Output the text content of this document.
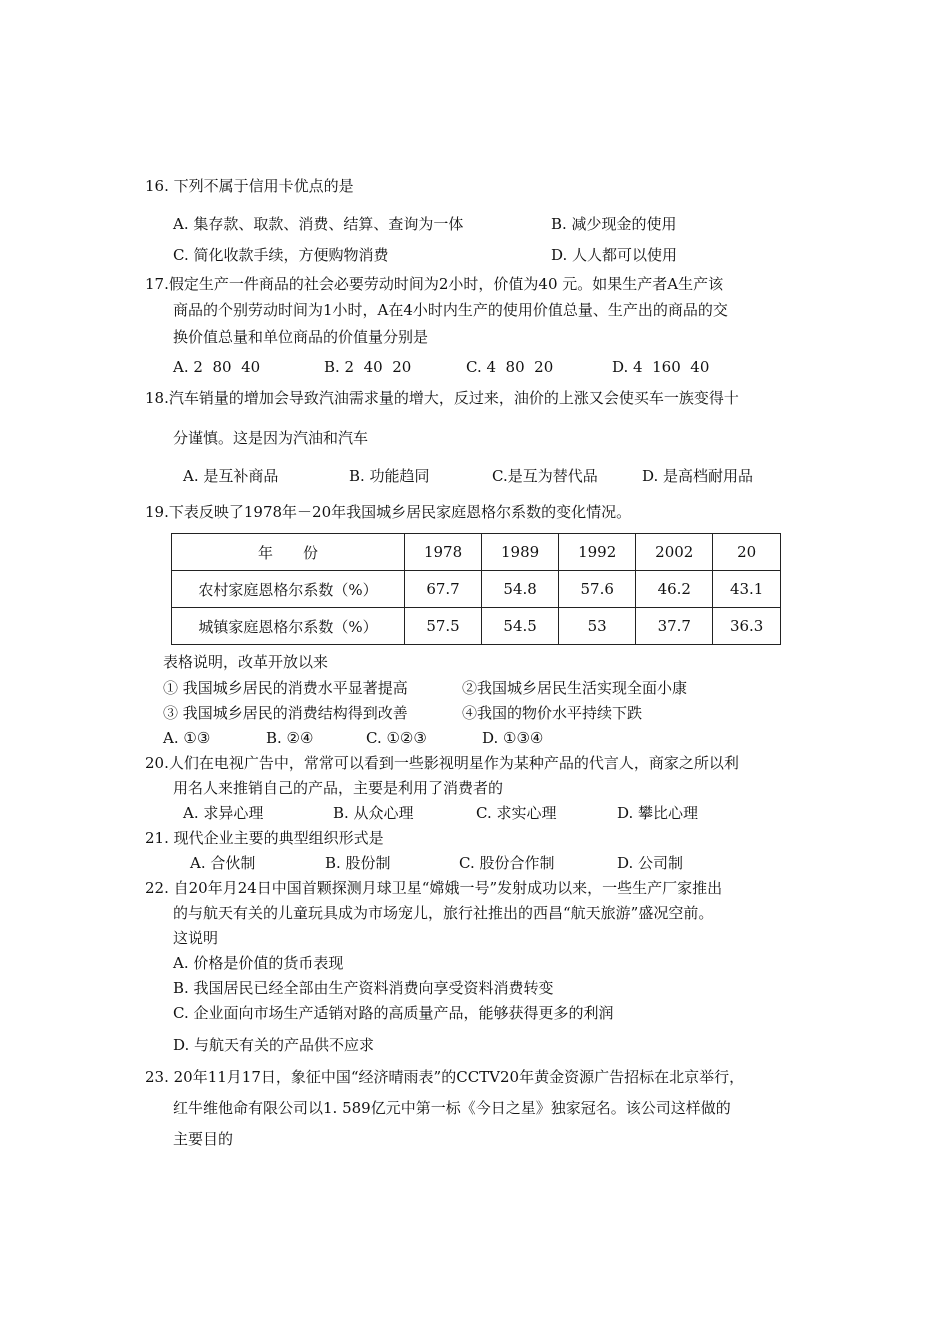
16. 下列不属于信用卡优点的是
A. 集存款、取款、消费、结算、查询为一体	B. 减少现金的使用
C. 简化收款手续，方便购物消费	D. 人人都可以使用
17.假定生产一件商品的社会必要劳动时间为2小时，价值为40 元。如果生产者A生产该
商品的个别劳动时间为1小时，A在4小时内生产的使用价值总量、生产出的商品的交
换价值总量和单位商品的价值量分别是
A. 2  80  40	B. 2  40  20	C. 4  80  20	D. 4  160  40
18.汽车销量的增加会导致汽油需求量的增大，反过来，油价的上涨又会使买车一族变得十
分谨慎。这是因为汽油和汽车
A. 是互补商品	B. 功能趋同	C.是互为替代品	D. 是高档耐用品
19.下表反映了1978年－20年我国城乡居民家庭恩格尔系数的变化情况。
年　　份	1978	1989	1992	2002	20
农村家庭恩格尔系数（%）	67.7	54.8	57.6	46.2	43.1
城镇家庭恩格尔系数（%）	57.5	54.5	53	37.7	36.3
表格说明，改革开放以来
① 我国城乡居民的消费水平显著提高	②我国城乡居民生活实现全面小康
③ 我国城乡居民的消费结构得到改善	④我国的物价水平持续下跌
A. ①③	B. ②④	C. ①②③	D. ①③④
20.人们在电视广告中，常常可以看到一些影视明星作为某种产品的代言人，商家之所以利
用名人来推销自己的产品，主要是利用了消费者的
A. 求异心理	B. 从众心理	C. 求实心理	D. 攀比心理
21. 现代企业主要的典型组织形式是
A. 合伙制	B. 股份制	C. 股份合作制	D. 公司制
22. 自20年月24日中国首颗探测月球卫星“嫦娥一号”发射成功以来，一些生产厂家推出
的与航天有关的儿童玩具成为市场宠儿，旅行社推出的西昌“航天旅游”盛况空前。
这说明
A. 价格是价值的货币表现
B. 我国居民已经全部由生产资料消费向享受资料消费转变
C. 企业面向市场生产适销对路的高质量产品，能够获得更多的利润
D. 与航天有关的产品供不应求
23. 20年11月17日，象征中国“经济晴雨表”的CCTV20年黄金资源广告招标在北京举行，
红牛维他命有限公司以1. 589亿元中第一标《今日之星》独家冠名。该公司这样做的
主要目的
